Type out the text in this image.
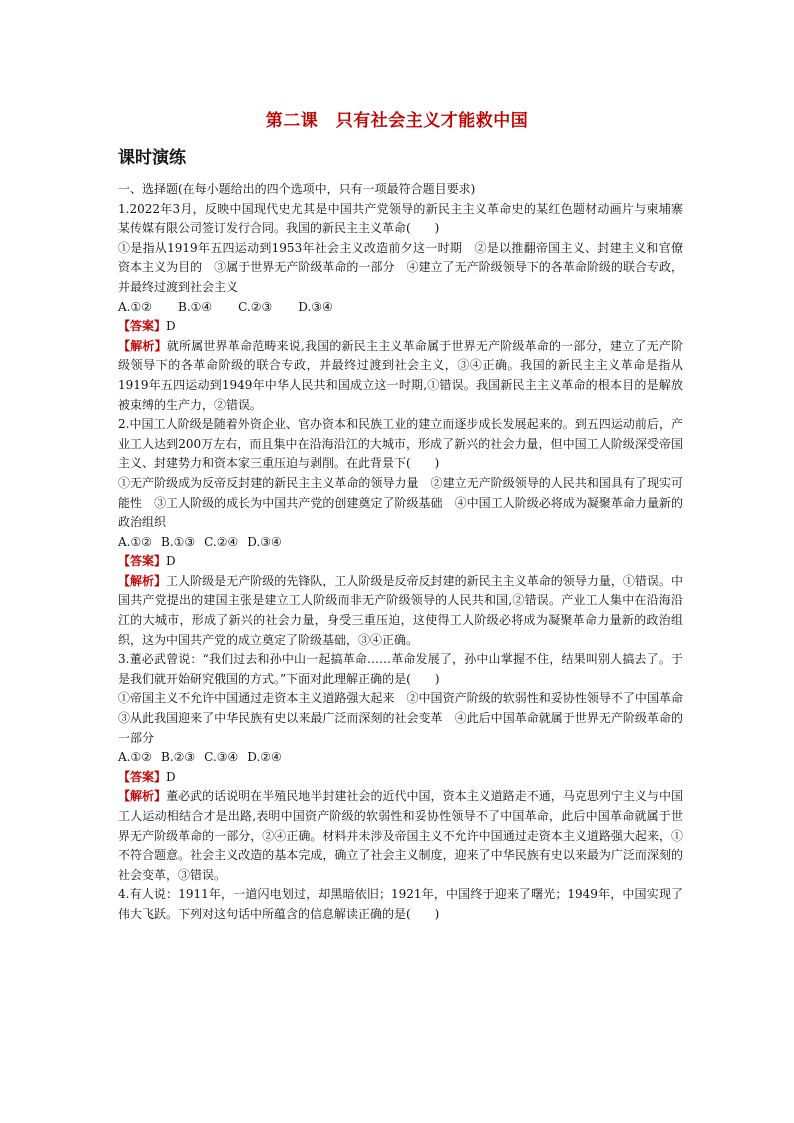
第二课　只有社会主义才能救中国
课时演练

一、选择题(在每小题给出的四个选项中，只有一项最符合题目要求)

1.2022年3月，反映中国现代史尤其是中国共产党领导的新民主主义革命史的某红色题材动画片与柬埔寨某传媒有限公司签订发行合同。我国的新民主主义革命(　　)

①是指从1919年五四运动到1953年社会主义改造前夕这一时期　②是以推翻帝国主义、封建主义和官僚资本主义为目的　③属于世界无产阶级革命的一部分　④建立了无产阶级领导下的各革命阶级的联合专政，并最终过渡到社会主义

A.①② B.①④ C.②③ D.③④

【答案】D

【解析】就所属世界革命范畴来说,我国的新民主主义革命属于世界无产阶级革命的一部分，建立了无产阶级领导下的各革命阶级的联合专政，并最终过渡到社会主义，③④正确。我国的新民主主义革命是指从1919年五四运动到1949年中华人民共和国成立这一时期,①错误。我国新民主主义革命的根本目的是解放被束缚的生产力，②错误。

2.中国工人阶级是随着外资企业、官办资本和民族工业的建立而逐步成长发展起来的。到五四运动前后，产业工人达到200万左右，而且集中在沿海沿江的大城市，形成了新兴的社会力量，但中国工人阶级深受帝国主义、封建势力和资本家三重压迫与剥削。在此背景下(　　)

①无产阶级成为反帝反封建的新民主主义革命的领导力量　②建立无产阶级领导的人民共和国具有了现实可能性　③工人阶级的成长为中国共产党的创建奠定了阶级基础　④中国工人阶级必将成为凝聚革命力量新的政治组织

A.①② B.①③ C.②④ D.③④

【答案】D

【解析】工人阶级是无产阶级的先锋队，工人阶级是反帝反封建的新民主主义革命的领导力量，①错误。中国共产党提出的建国主张是建立工人阶级而非无产阶级领导的人民共和国,②错误。产业工人集中在沿海沿江的大城市，形成了新兴的社会力量，身受三重压迫，这使得工人阶级必将成为凝聚革命力量新的政治组织，这为中国共产党的成立奠定了阶级基础，③④正确。

3.董必武曾说：“我们过去和孙中山一起搞革命……革命发展了，孙中山掌握不住，结果叫别人搞去了。于是我们就开始研究俄国的方式。”下面对此理解正确的是(　　)

①帝国主义不允许中国通过走资本主义道路强大起来　②中国资产阶级的软弱性和妥协性领导不了中国革命　③从此我国迎来了中华民族有史以来最广泛而深刻的社会变革　④此后中国革命就属于世界无产阶级革命的一部分

A.①② B.②③ C.③④ D.②④

【答案】D

【解析】董必武的话说明在半殖民地半封建社会的近代中国，资本主义道路走不通，马克思列宁主义与中国工人运动相结合才是出路,表明中国资产阶级的软弱性和妥协性领导不了中国革命，此后中国革命就属于世界无产阶级革命的一部分，②④正确。材料并未涉及帝国主义不允许中国通过走资本主义道路强大起来，①不符合题意。社会主义改造的基本完成，确立了社会主义制度，迎来了中华民族有史以来最为广泛而深刻的社会变革，③错误。

4.有人说：1911年，一道闪电划过，却黑暗依旧；1921年，中国终于迎来了曙光；1949年，中国实现了伟大飞跃。下列对这句话中所蕴含的信息解读正确的是(　　)
